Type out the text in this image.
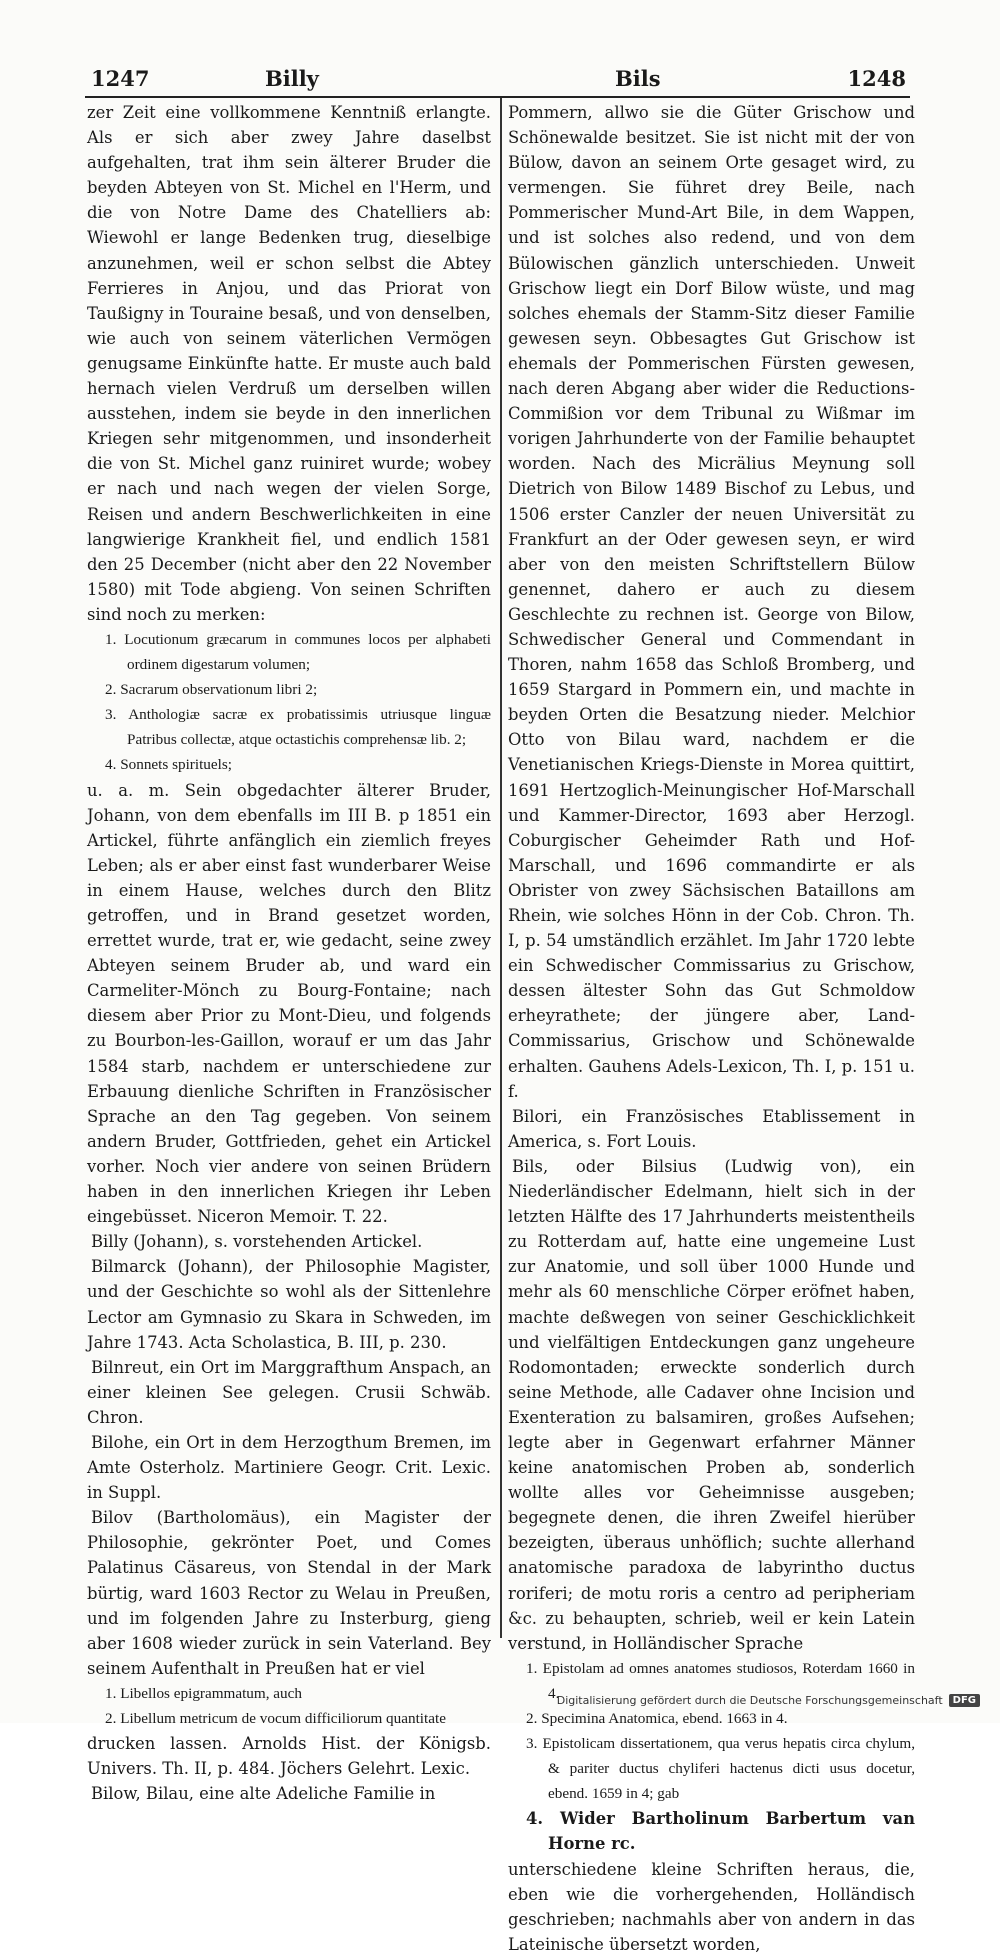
1247	Billy	Bils	1248

zer Zeit eine vollkommene Kenntniß erlangte. Als er sich aber zwey Jahre daselbst aufgehalten, trat ihm sein älterer Bruder die beyden Abteyen von St. Michel en l'Herm, und die von Notre Dame des Chatelliers ab: Wiewohl er lange Bedenken trug, dieselbige anzunehmen, weil er schon selbst die Abtey Ferrieres in Anjou, und das Priorat von Taußigny in Touraine besaß, und von denselben, wie auch von seinem väterlichen Vermögen genugsame Einkünfte hatte. Er muste auch bald hernach vielen Verdruß um derselben willen ausstehen, indem sie beyde in den innerlichen Kriegen sehr mitgenommen, und insonderheit die von St. Michel ganz ruiniret wurde; wobey er nach und nach wegen der vielen Sorge, Reisen und andern Beschwerlichkeiten in eine langwierige Krankheit fiel, und endlich 1581 den 25 December (nicht aber den 22 November 1580) mit Tode abgieng. Von seinen Schriften sind noch zu merken:

1. Locutionum græcarum in communes locos per alphabeti ordinem digestarum volumen;

2. Sacrarum observationum libri 2;

3. Anthologiæ sacræ ex probatissimis utriusque linguæ Patribus collectæ, atque octastichis comprehensæ lib. 2;

4. Sonnets spirituels;

u. a. m. Sein obgedachter älterer Bruder, Johann, von dem ebenfalls im III B. p 1851 ein Artickel, führte anfänglich ein ziemlich freyes Leben; als er aber einst fast wunderbarer Weise in einem Hause, welches durch den Blitz getroffen, und in Brand gesetzet worden, errettet wurde, trat er, wie gedacht, seine zwey Abteyen seinem Bruder ab, und ward ein Carmeliter-Mönch zu Bourg-Fontaine; nach diesem aber Prior zu Mont-Dieu, und folgends zu Bourbon-les-Gaillon, worauf er um das Jahr 1584 starb, nachdem er unterschiedene zur Erbauung dienliche Schriften in Französischer Sprache an den Tag gegeben. Von seinem andern Bruder, Gottfrieden, gehet ein Artickel vorher. Noch vier andere von seinen Brüdern haben in den innerlichen Kriegen ihr Leben eingebüsset. Niceron Memoir. T. 22.

Billy (Johann), s. vorstehenden Artickel.

Bilmarck (Johann), der Philosophie Magister, und der Geschichte so wohl als der Sittenlehre Lector am Gymnasio zu Skara in Schweden, im Jahre 1743. Acta Scholastica, B. III, p. 230.

Bilnreut, ein Ort im Marggrafthum Anspach, an einer kleinen See gelegen. Crusii Schwäb. Chron.

Bilohe, ein Ort in dem Herzogthum Bremen, im Amte Osterholz. Martiniere Geogr. Crit. Lexic. in Suppl.

Bilov (Bartholomäus), ein Magister der Philosophie, gekrönter Poet, und Comes Palatinus Cäsareus, von Stendal in der Mark bürtig, ward 1603 Rector zu Welau in Preußen, und im folgenden Jahre zu Insterburg, gieng aber 1608 wieder zurück in sein Vaterland. Bey seinem Aufenthalt in Preußen hat er viel

1. Libellos epigrammatum, auch

2. Libellum metricum de vocum difficiliorum quantitate

drucken lassen. Arnolds Hist. der Königsb. Univers. Th. II, p. 484. Jöchers Gelehrt. Lexic.

Bilow, Bilau, eine alte Adeliche Familie in

Pommern, allwo sie die Güter Grischow und Schönewalde besitzet. Sie ist nicht mit der von Bülow, davon an seinem Orte gesaget wird, zu vermengen. Sie führet drey Beile, nach Pommerischer Mund-Art Bile, in dem Wappen, und ist solches also redend, und von dem Bülowischen gänzlich unterschieden. Unweit Grischow liegt ein Dorf Bilow wüste, und mag solches ehemals der Stamm-Sitz dieser Familie gewesen seyn. Obbesagtes Gut Grischow ist ehemals der Pommerischen Fürsten gewesen, nach deren Abgang aber wider die Reductions-Commißion vor dem Tribunal zu Wißmar im vorigen Jahrhunderte von der Familie behauptet worden. Nach des Micrälius Meynung soll Dietrich von Bilow 1489 Bischof zu Lebus, und 1506 erster Canzler der neuen Universität zu Frankfurt an der Oder gewesen seyn, er wird aber von den meisten Schriftstellern Bülow genennet, dahero er auch zu diesem Geschlechte zu rechnen ist. George von Bilow, Schwedischer General und Commendant in Thoren, nahm 1658 das Schloß Bromberg, und 1659 Stargard in Pommern ein, und machte in beyden Orten die Besatzung nieder. Melchior Otto von Bilau ward, nachdem er die Venetianischen Kriegs-Dienste in Morea quittirt, 1691 Hertzoglich-Meinungischer Hof-Marschall und Kammer-Director, 1693 aber Herzogl. Coburgischer Geheimder Rath und Hof-Marschall, und 1696 commandirte er als Obrister von zwey Sächsischen Bataillons am Rhein, wie solches Hönn in der Cob. Chron. Th. I, p. 54 umständlich erzählet. Im Jahr 1720 lebte ein Schwedischer Commissarius zu Grischow, dessen ältester Sohn das Gut Schmoldow erheyrathete; der jüngere aber, Land-Commissarius, Grischow und Schönewalde erhalten. Gauhens Adels-Lexicon, Th. I, p. 151 u. f.

Bilori, ein Französisches Etablissement in America, s. Fort Louis.

Bils, oder Bilsius (Ludwig von), ein Niederländischer Edelmann, hielt sich in der letzten Hälfte des 17 Jahrhunderts meistentheils zu Rotterdam auf, hatte eine ungemeine Lust zur Anatomie, und soll über 1000 Hunde und mehr als 60 menschliche Cörper eröfnet haben, machte deßwegen von seiner Geschicklichkeit und vielfältigen Entdeckungen ganz ungeheure Rodomontaden; erweckte sonderlich durch seine Methode, alle Cadaver ohne Incision und Exenteration zu balsamiren, großes Aufsehen; legte aber in Gegenwart erfahrner Männer keine anatomischen Proben ab, sonderlich wollte alles vor Geheimnisse ausgeben; begegnete denen, die ihren Zweifel hierüber bezeigten, überaus unhöflich; suchte allerhand anatomische paradoxa de labyrintho ductus roriferi; de motu roris a centro ad peripheriam &c. zu behaupten, schrieb, weil er kein Latein verstund, in Holländischer Sprache

1. Epistolam ad omnes anatomes studiosos, Roterdam 1660 in 4.

2. Specimina Anatomica, ebend. 1663 in 4.

3. Epistolicam dissertationem, qua verus hepatis circa chylum, & pariter ductus chyliferi hactenus dicti usus docetur, ebend. 1659 in 4; gab

4. Wider Bartholinum Barbertum van Horne rc.

unterschiedene kleine Schriften heraus, die, eben wie die vorhergehenden, Holländisch geschrieben; nachmahls aber von andern in das Lateinische übersetzt worden,

Digitalisierung gefördert durch die Deutsche Forschungsgemeinschaft	DFG
